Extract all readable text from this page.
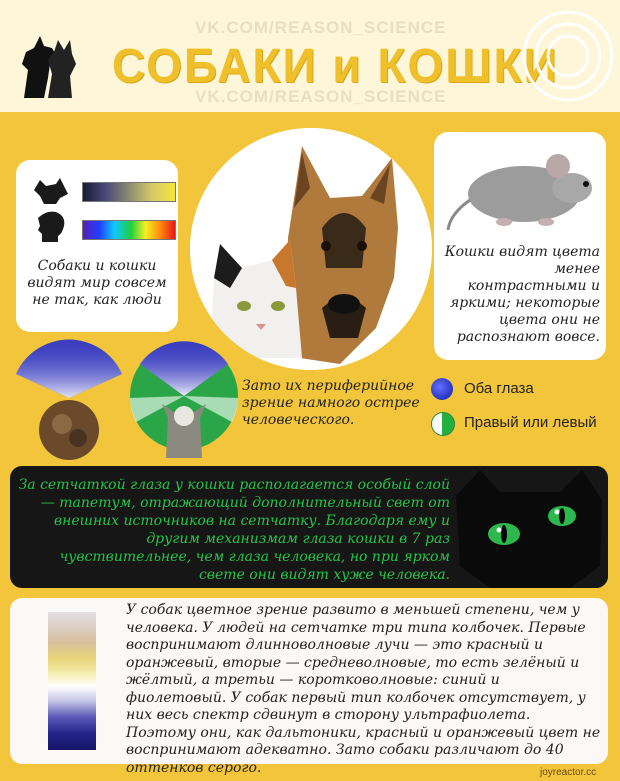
VK.COM/REASON_SCIENCE
СОБАКИ и КОШКИ
VK.COM/REASON_SCIENCE
Собаки и кошки видят мир совсем не так, как люди
Кошки видят цвета менее контрастными и яркими; некоторые цвета они не распознают вовсе.
Зато их периферийное зрение намного острее человеческого.
Оба глаза
Правый или левый
За сетчаткой глаза у кошки располагается особый слой — тапетум, отражающий дополнительный свет от внешних источников на сетчатку. Благодаря ему и другим механизмам глаза кошки в 7 раз чувствительнее, чем глаза человека, но при ярком свете они видят хуже человека.
У собак цветное зрение развито в меньшей степени, чем у человека. У людей на сетчатке три типа колбочек. Первые воспринимают длинноволновые лучи — это красный и оранжевый, вторые — средневолновые, то есть зелёный и жёлтый, а третьи — коротковолновые: синий и фиолетовый. У собак первый тип колбочек отсутствует, у них весь спектр сдвинут в сторону ультрафиолета. Поэтому они, как дальтоники, красный и оранжевый цвет не воспринимают адекватно. Зато собаки различают до 40 оттенков серого.	joyreactor.cc
